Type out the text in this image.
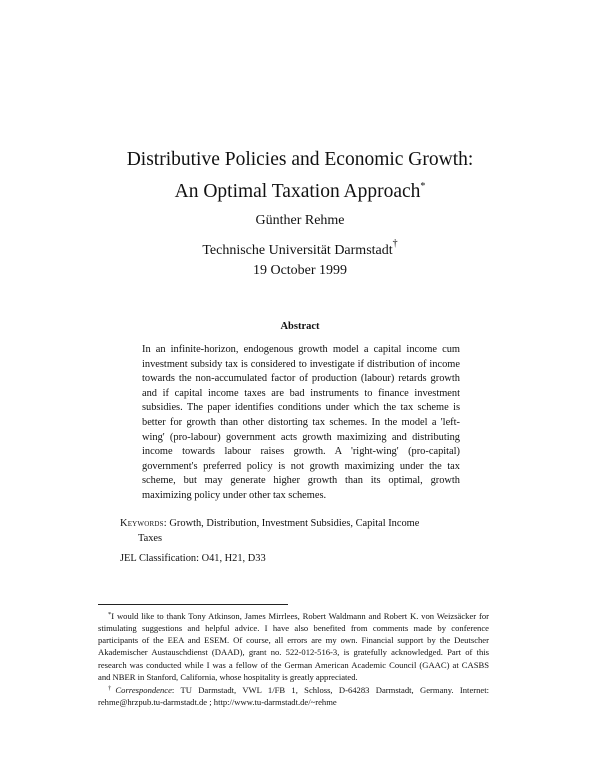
Distributive Policies and Economic Growth:
An Optimal Taxation Approach*
Günther Rehme
Technische Universität Darmstadt†
19 October 1999
Abstract
In an infinite-horizon, endogenous growth model a capital income cum investment subsidy tax is considered to investigate if distribution of income towards the non-accumulated factor of production (labour) retards growth and if capital income taxes are bad instruments to finance investment subsidies. The paper identifies conditions under which the tax scheme is better for growth than other distorting tax schemes. In the model a 'left-wing' (pro-labour) government acts growth maximizing and distributing income towards labour raises growth. A 'right-wing' (pro-capital) government's preferred policy is not growth maximizing under the tax scheme, but may generate higher growth than its optimal, growth maximizing policy under other tax schemes.
Keywords: Growth, Distribution, Investment Subsidies, Capital Income
Taxes
JEL Classification: O41, H21, D33

*I would like to thank Tony Atkinson, James Mirrlees, Robert Waldmann and Robert K. von Weizsäcker for stimulating suggestions and helpful advice. I have also benefited from comments made by conference participants of the EEA and ESEM. Of course, all errors are my own. Financial support by the Deutscher Akademischer Austauschdienst (DAAD), grant no. 522-012-516-3, is gratefully acknowledged. Part of this research was conducted while I was a fellow of the German American Academic Council (GAAC) at CASBS and NBER in Stanford, California, whose hospitality is greatly appreciated.

†Correspondence: TU Darmstadt, VWL 1/FB 1, Schloss, D-64283 Darmstadt, Germany. Internet: rehme@hrzpub.tu-darmstadt.de ; http://www.tu-darmstadt.de/~rehme
